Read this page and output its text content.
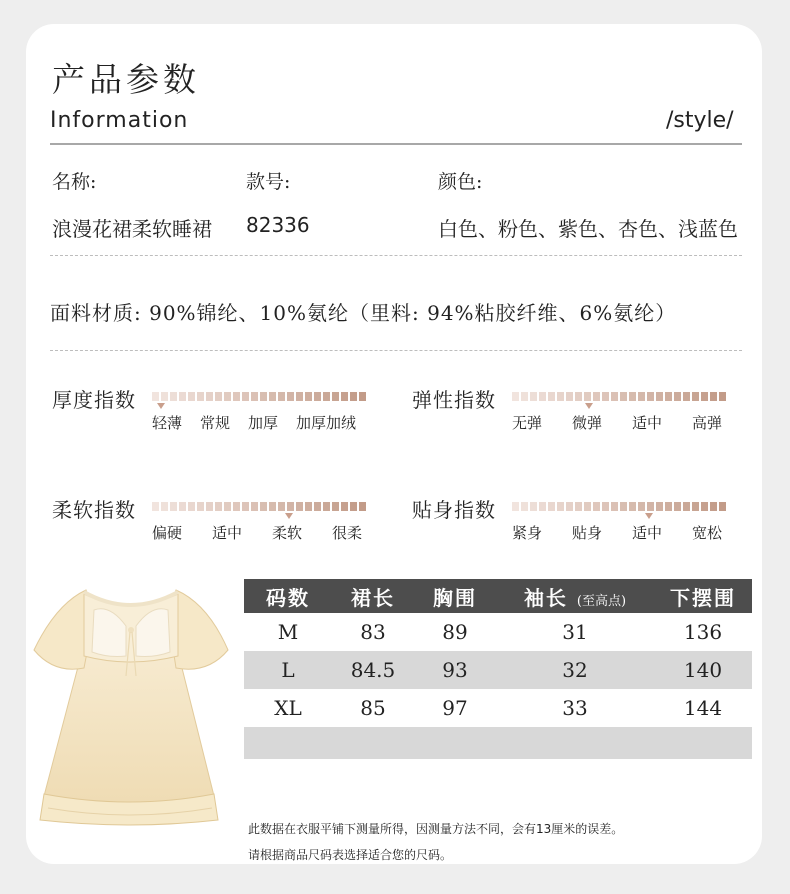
产品参数
Information	/style/
名称:	款号:	颜色:
浪漫花裙柔软睡裙 82336	白色、粉色、紫色、杏色、浅蓝色
面料材质: 90%锦纶、10%氨纶（里料: 94%粘胶纤维、6%氨纶）
厚度指数
轻薄 常规 加厚 加厚加绒
弹性指数
无弹 微弹 适中 高弹
柔软指数
偏硬 适中 柔软 很柔
贴身指数
紧身 贴身 适中 宽松
码数	裙长	胸围	袖长 (至高点)	下摆围
M	83	89	31	136
L	84.5	93	32	140
XL	85	97	33	144

此数据在衣服平铺下测量所得，因测量方法不同，会有13厘米的误差。
请根据商品尺码表选择适合您的尺码。
